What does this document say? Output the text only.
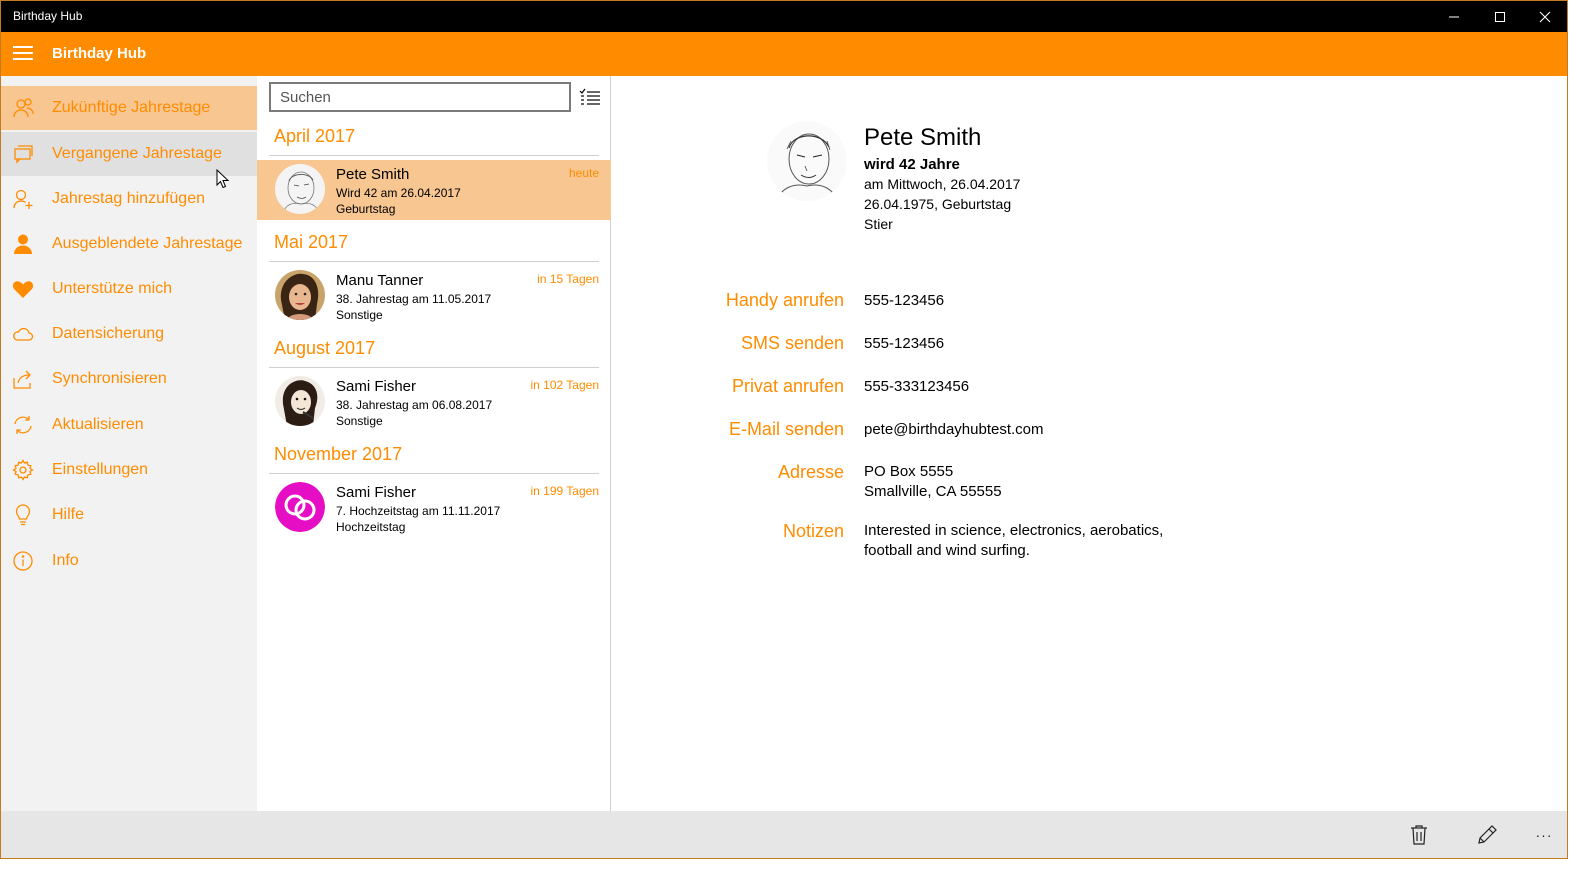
Birthday Hub
Birthday Hub
Zukünftige Jahrestage
Vergangene Jahrestage
Jahrestag hinzufügen
Ausgeblendete Jahrestage
Unterstütze mich
Datensicherung
Synchronisieren
Aktualisieren
Einstellungen
Hilfe
Info
Suchen
April 2017
Pete Smith
Wird 42 am 26.04.2017
Geburtstag
heute
Mai 2017
Manu Tanner
38. Jahrestag am 11.05.2017
Sonstige
in 15 Tagen
August 2017
Sami Fisher
38. Jahrestag am 06.08.2017
Sonstige
in 102 Tagen
November 2017
Sami Fisher
7. Hochzeitstag am 11.11.2017
Hochzeitstag
in 199 Tagen
Pete Smith
wird 42 Jahre
am Mittwoch, 26.04.2017
26.04.1975, Geburtstag
Stier
Handy anrufen 555-123456
SMS senden 555-123456
Privat anrufen 555-333123456
E-Mail senden pete@birthdayhubtest.com
Adresse PO Box 5555
Smallville, CA 55555
Notizen Interested in science, electronics, aerobatics,
football and wind surfing.
···
